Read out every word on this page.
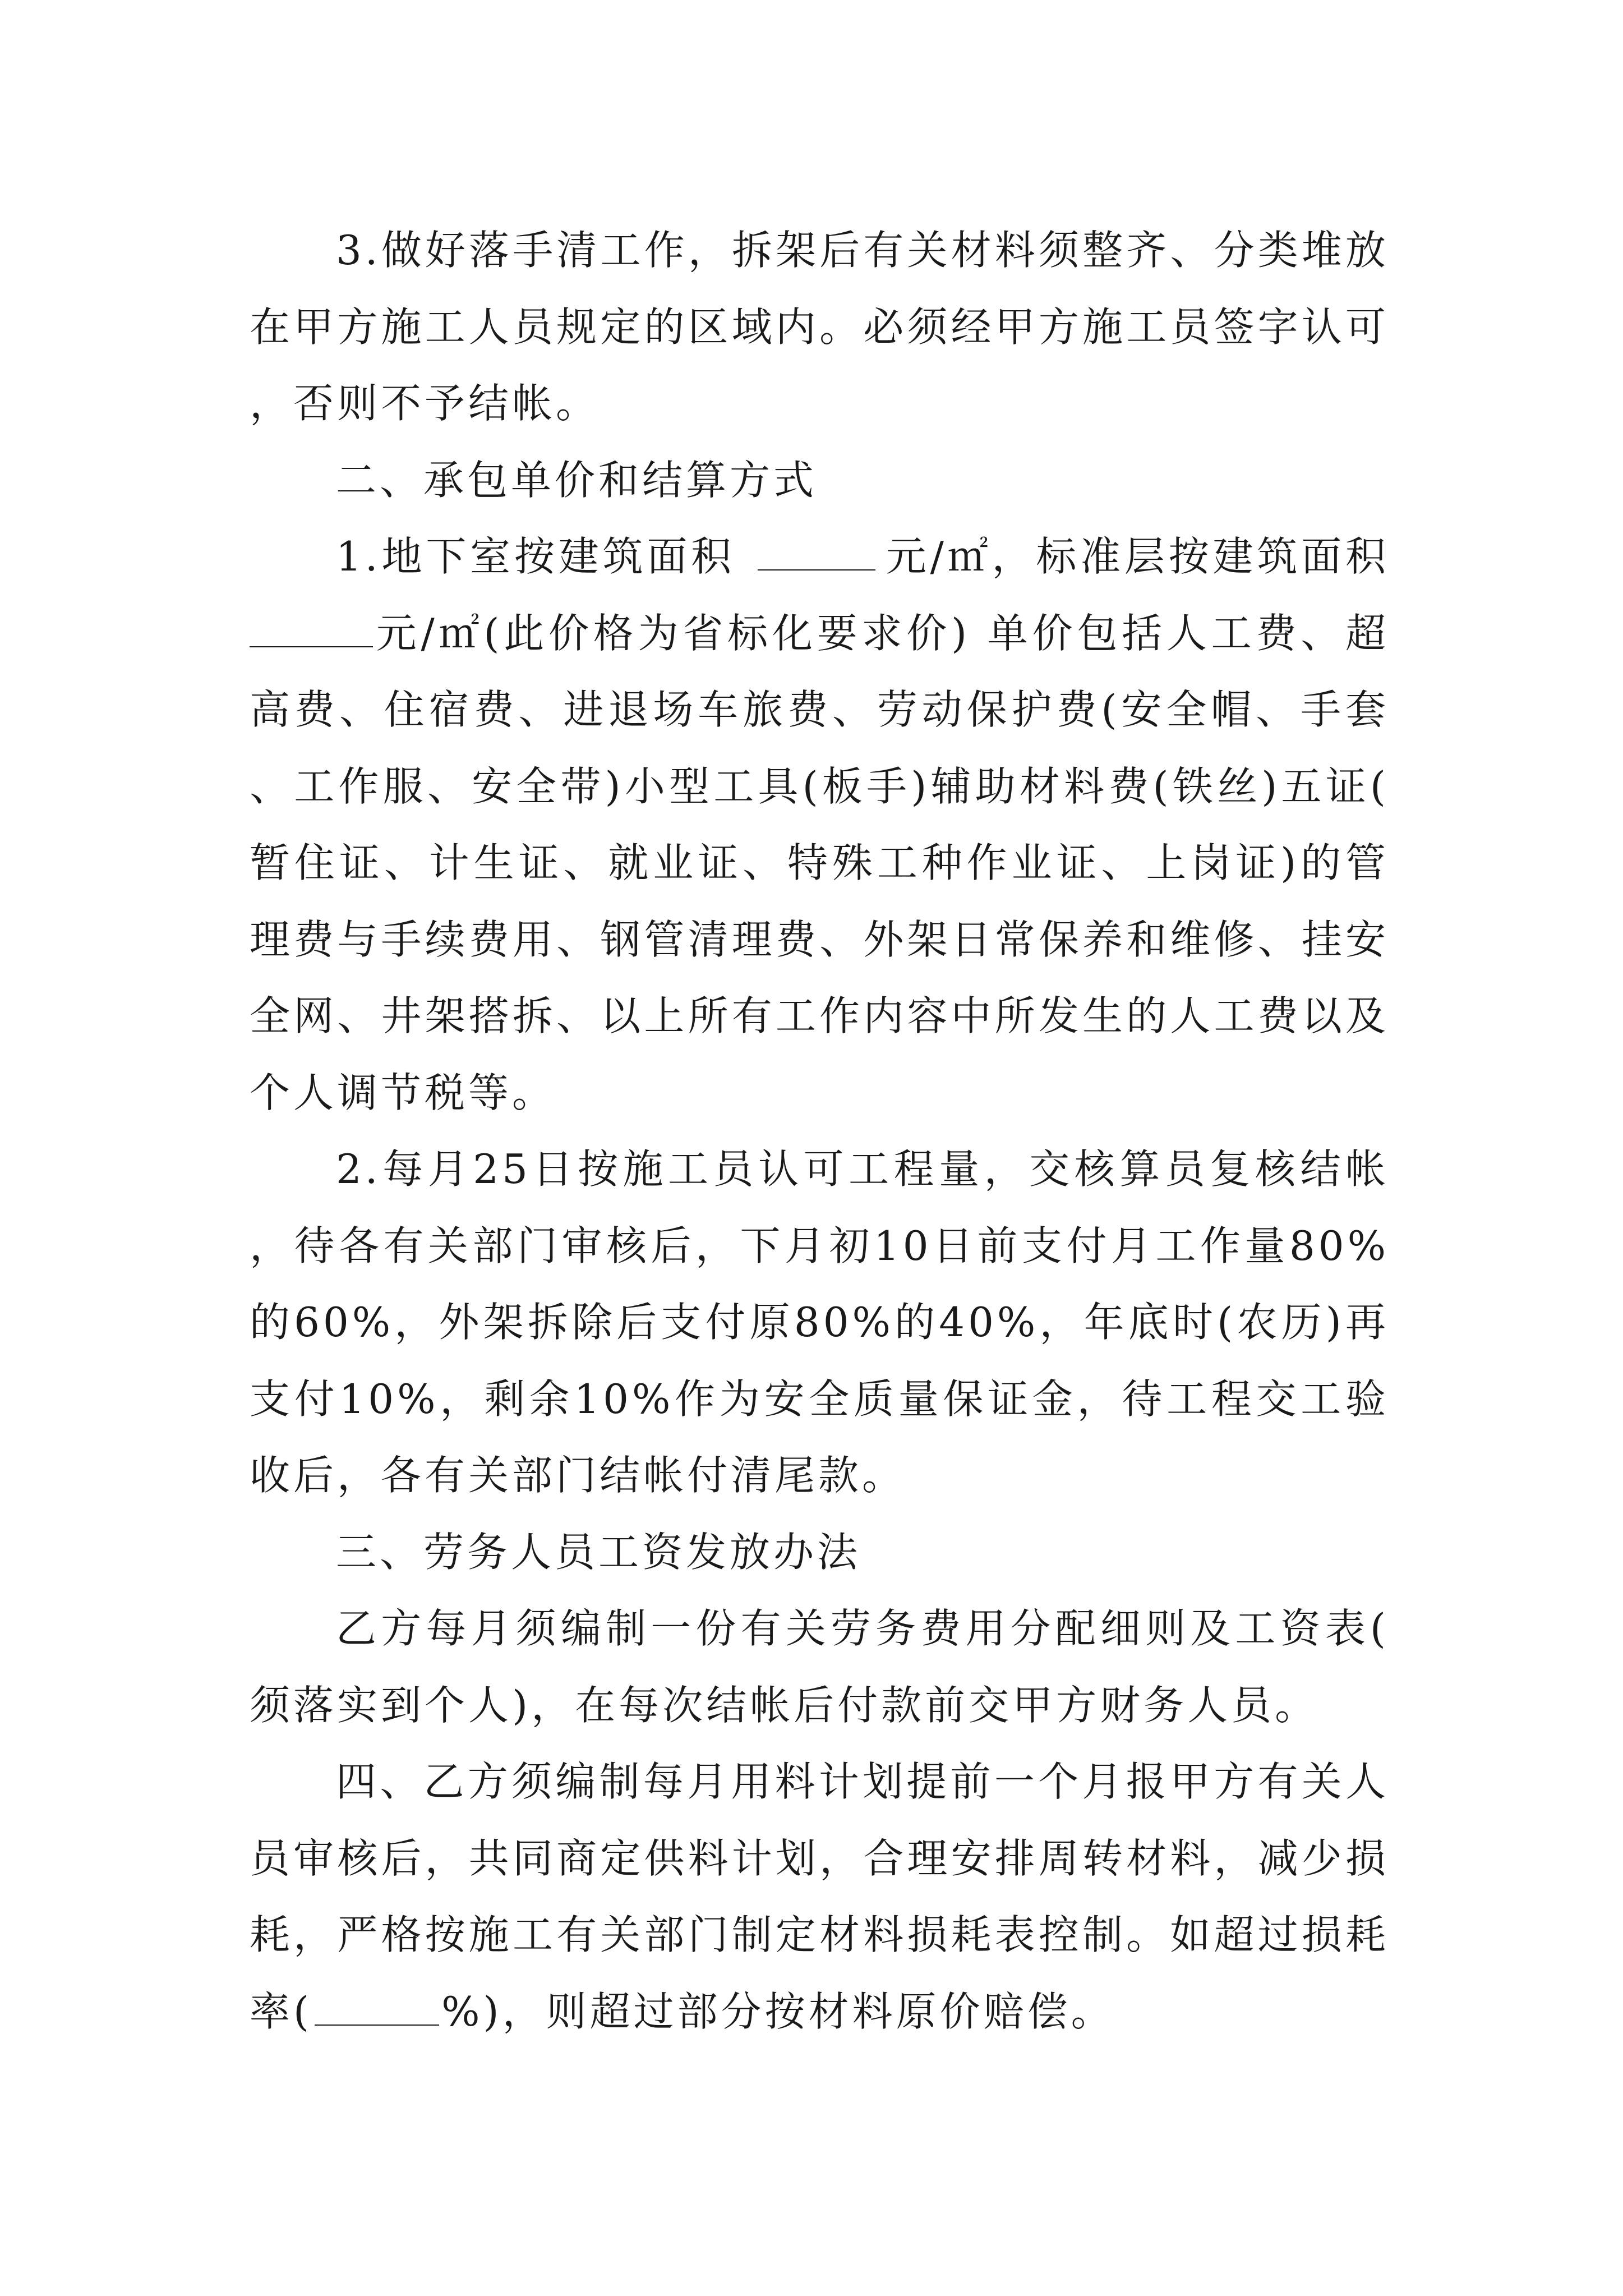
3.做好落手清工作，拆架后有关材料须整齐、分类堆放在甲方施工人员规定的区域内。必须经甲方施工员签字认可，否则不予结帐。

二、承包单价和结算方式

1.地下室按建筑面积	元/㎡，标准层按建筑面积 元/㎡(此价格为省标化要求价) 单价包括人工费、超高费、住宿费、进退场车旅费、劳动保护费(安全帽、手套、工作服、安全带)小型工具(板手)辅助材料费(铁丝)五证(暂住证、计生证、就业证、特殊工种作业证、上岗证)的管理费与手续费用、钢管清理费、外架日常保养和维修、挂安全网、井架搭拆、以上所有工作内容中所发生的人工费以及个人调节税等。

2.每月25日按施工员认可工程量，交核算员复核结帐，待各有关部门审核后，下月初10日前支付月工作量80%的60%，外架拆除后支付原80%的40%，年底时(农历)再支付10%，剩余10%作为安全质量保证金，待工程交工验收后，各有关部门结帐付清尾款。

三、劳务人员工资发放办法

乙方每月须编制一份有关劳务费用分配细则及工资表(须落实到个人)，在每次结帐后付款前交甲方财务人员。

四、乙方须编制每月用料计划提前一个月报甲方有关人员审核后，共同商定供料计划，合理安排周转材料，减少损耗，严格按施工有关部门制定材料损耗表控制。如超过损耗率(	%)，则超过部分按材料原价赔偿。
